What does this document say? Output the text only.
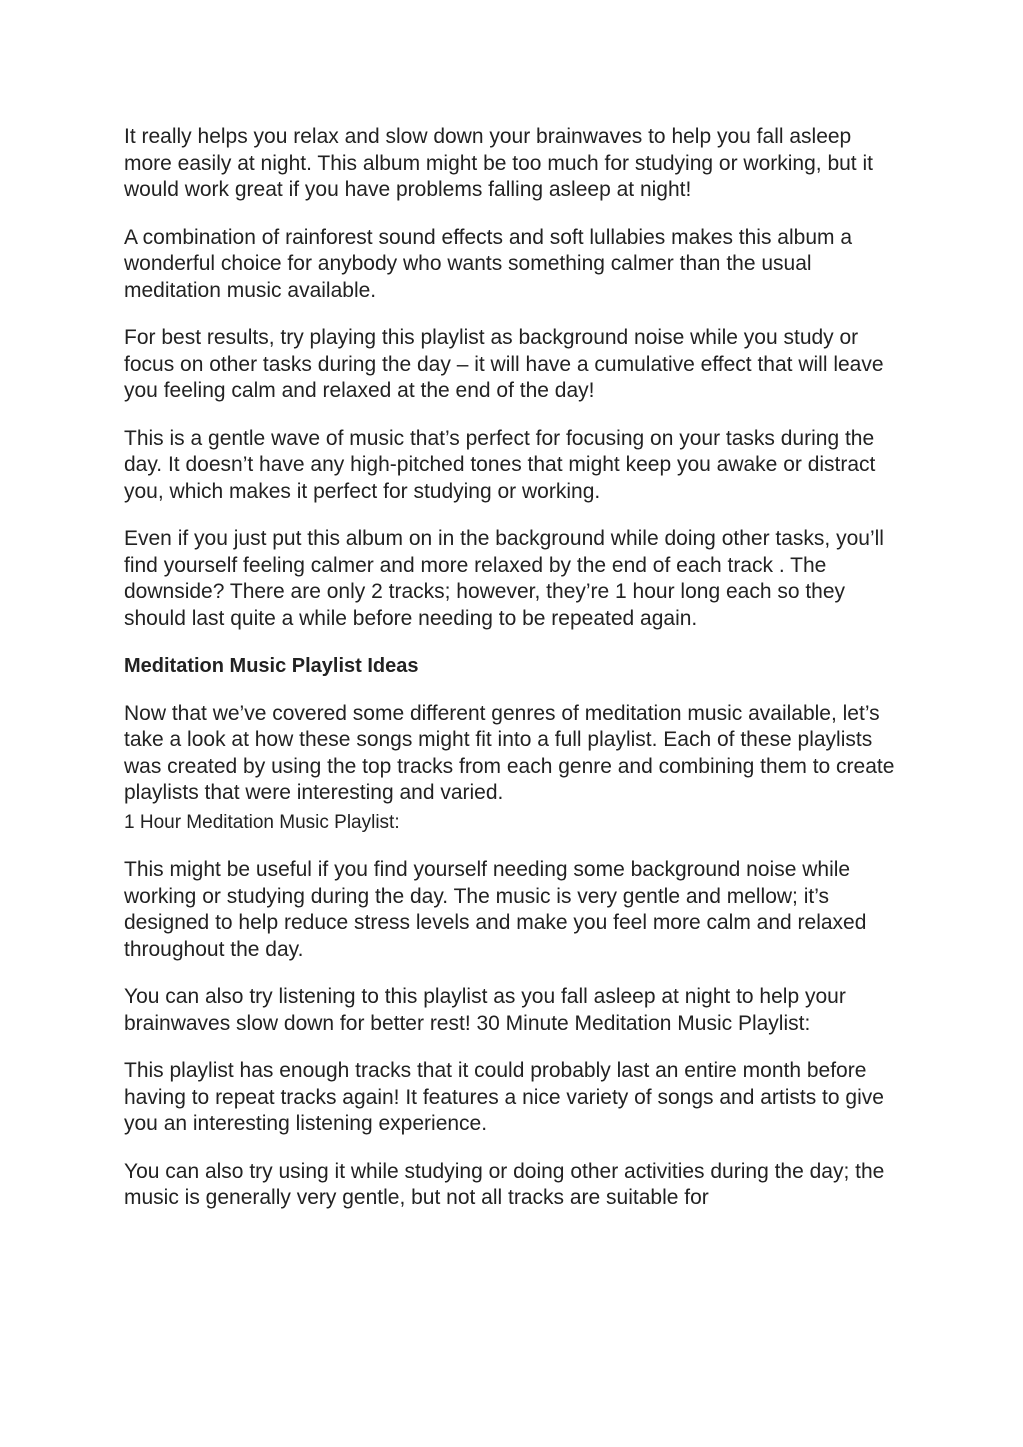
It really helps you relax and slow down your brainwaves to help you fall asleep more easily at night. This album might be too much for studying or working, but it would work great if you have problems falling asleep at night!

A combination of rainforest sound effects and soft lullabies makes this album a wonderful choice for anybody who wants something calmer than the usual meditation music available.

For best results, try playing this playlist as background noise while you study or focus on other tasks during the day – it will have a cumulative effect that will leave you feeling calm and relaxed at the end of the day!

This is a gentle wave of music that’s perfect for focusing on your tasks during the day. It doesn’t have any high-pitched tones that might keep you awake or distract you, which makes it perfect for studying or working.

Even if you just put this album on in the background while doing other tasks, you’ll find yourself feeling calmer and more relaxed by the end of each track . The downside? There are only 2 tracks; however, they’re 1 hour long each so they should last quite a while before needing to be repeated again.

Meditation Music Playlist Ideas

Now that we’ve covered some different genres of meditation music available, let’s take a look at how these songs might fit into a full playlist. Each of these playlists was created by using the top tracks from each genre and combining them to create playlists that were interesting and varied.

1 Hour Meditation Music Playlist:

This might be useful if you find yourself needing some background noise while working or studying during the day. The music is very gentle and mellow; it’s designed to help reduce stress levels and make you feel more calm and relaxed throughout the day.

You can also try listening to this playlist as you fall asleep at night to help your brainwaves slow down for better rest! 30 Minute Meditation Music Playlist:

This playlist has enough tracks that it could probably last an entire month before having to repeat tracks again! It features a nice variety of songs and artists to give you an interesting listening experience.

You can also try using it while studying or doing other activities during the day; the music is generally very gentle, but not all tracks are suitable for
